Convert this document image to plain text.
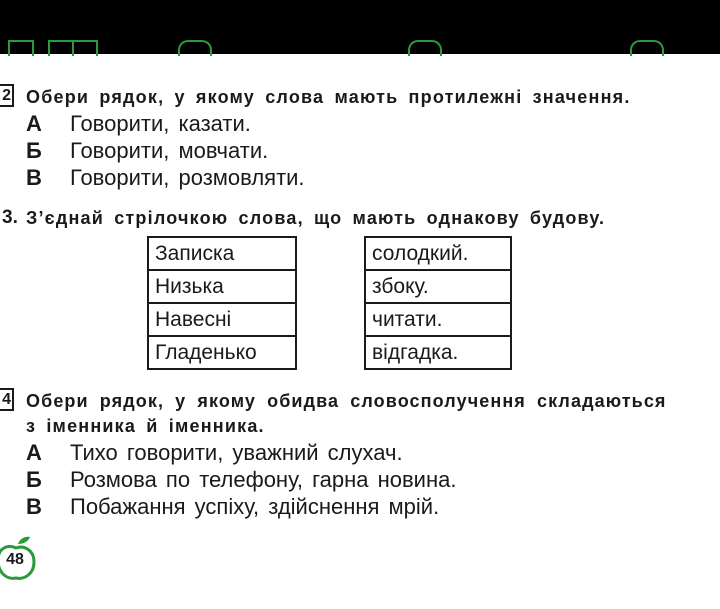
2 Обери рядок, у якому слова мають протилежні значення.
А Говорити, казати.
Б Говорити, мовчати.
В Говорити, розмовляти.
3. З’єднай стрілочкою слова, що мають однакову будову.
Записка
Низька
Навесні
Гладенько
солодкий.
збоку.
читати.
відгадка.
4 Обери рядок, у якому обидва словосполучення складаються
з іменника й іменника.
А Тихо говорити, уважний слухач.
Б Розмова по телефону, гарна новина.
В Побажання успіху, здійснення мрій.
48
